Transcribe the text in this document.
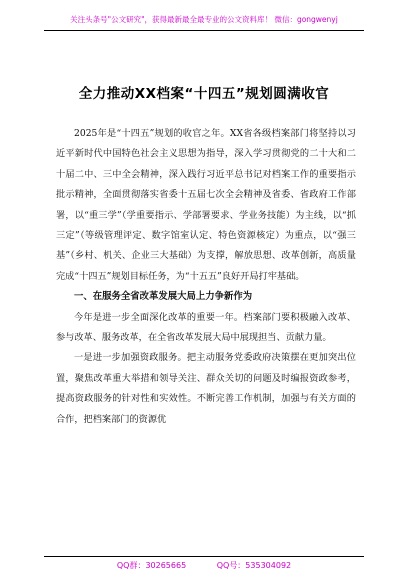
关注头条号"公文研究"，获得最新最全最专业的公文资料库！ 微信：gongwenyj
全力推动XX档案“十四五”规划圆满收官

2025年是“十四五”规划的收官之年。XX省各级档案部门将坚持以习近平新时代中国特色社会主义思想为指导，深入学习贯彻党的二十大和二十届二中、三中全会精神，深入践行习近平总书记对档案工作的重要指示批示精神，全面贯彻落实省委十五届七次全会精神及省委、省政府工作部署，以“重三学”（学重要指示、学部署要求、学业务技能）为主线，以“抓三定”（等级管理评定、数字馆室认定、特色资源核定）为重点，以“强三基”（乡村、机关、企业三大基础）为支撑，解放思想、改革创新，高质量完成“十四五”规划目标任务，为“十五五”良好开局打牢基础。

一、在服务全省改革发展大局上力争新作为

今年是进一步全面深化改革的重要一年。档案部门要积极融入改革、参与改革、服务改革，在全省改革发展大局中展现担当、贡献力量。

一是进一步加强资政服务。把主动服务党委政府决策摆在更加突出位置，聚焦改革重大举措和领导关注、群众关切的问题及时编报资政参考，提高资政服务的针对性和实效性。不断完善工作机制，加强与有关方面的合作，把档案部门的资源优

QQ群：30265665	QQ号：535304092
